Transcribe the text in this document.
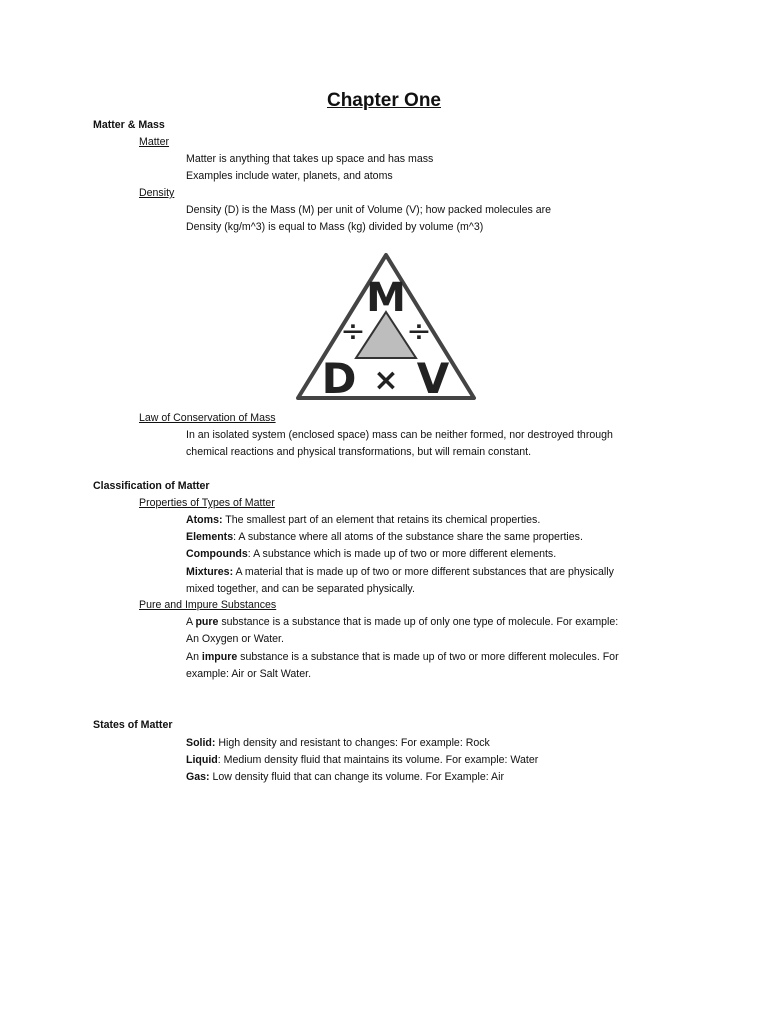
Chapter One
Matter & Mass
Matter
Matter is anything that takes up space and has mass
Examples include water, planets, and atoms
Density
Density (D) is the Mass (M) per unit of Volume (V); how packed molecules are
Density (kg/m^3) is equal to Mass (kg) divided by volume (m^3)
M
÷ ÷
D × V
Law of Conservation of Mass
In an isolated system (enclosed space) mass can be neither formed, nor destroyed through
chemical reactions and physical transformations, but will remain constant.
Classification of Matter
Properties of Types of Matter
Atoms: The smallest part of an element that retains its chemical properties.
Elements: A substance where all atoms of the substance share the same properties.
Compounds: A substance which is made up of two or more different elements.
Mixtures: A material that is made up of two or more different substances that are physically
mixed together, and can be separated physically.
Pure and Impure Substances
A pure substance is a substance that is made up of only one type of molecule. For example:
An Oxygen or Water.
An impure substance is a substance that is made up of two or more different molecules. For
example: Air or Salt Water.
States of Matter
Solid: High density and resistant to changes: For example: Rock
Liquid: Medium density fluid that maintains its volume. For example: Water
Gas: Low density fluid that can change its volume. For Example: Air
